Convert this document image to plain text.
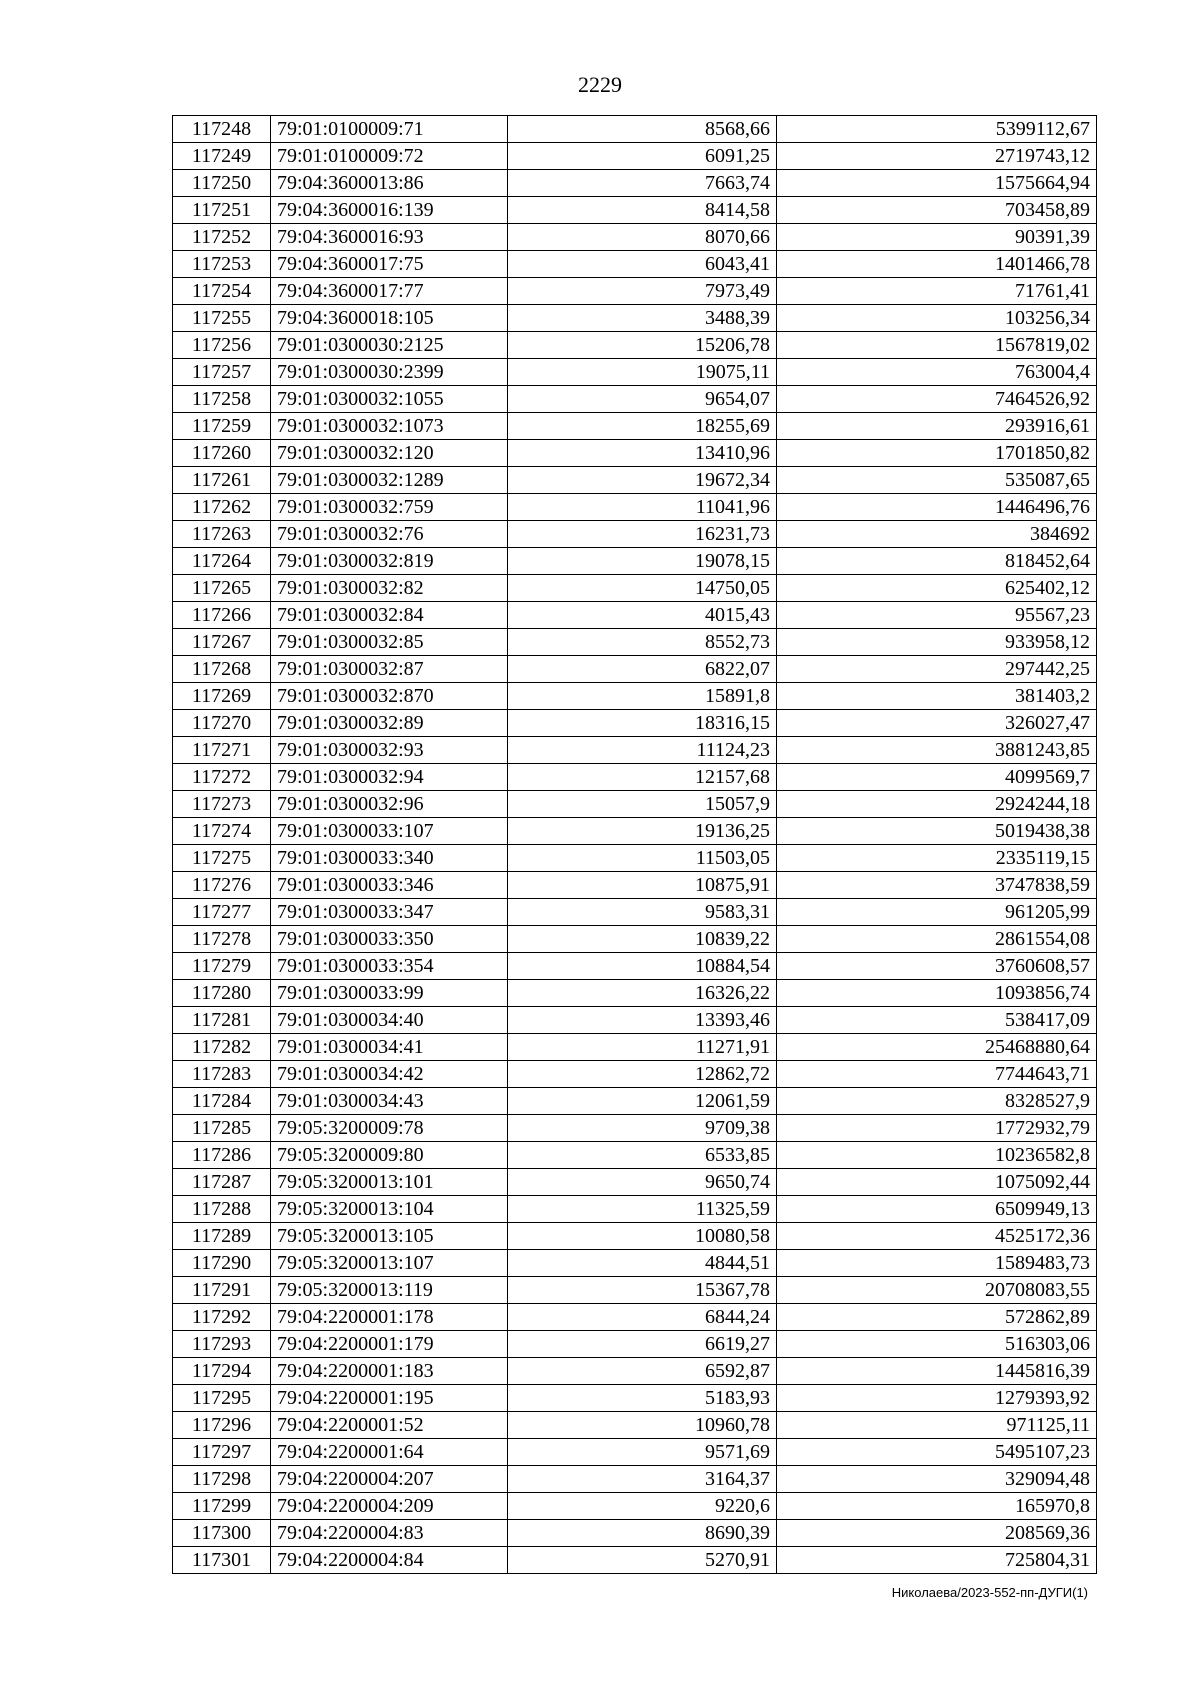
2229
117248	79:01:0100009:71	8568,66	5399112,67
117249	79:01:0100009:72	6091,25	2719743,12
117250	79:04:3600013:86	7663,74	1575664,94
117251	79:04:3600016:139	8414,58	703458,89
117252	79:04:3600016:93	8070,66	90391,39
117253	79:04:3600017:75	6043,41	1401466,78
117254	79:04:3600017:77	7973,49	71761,41
117255	79:04:3600018:105	3488,39	103256,34
117256	79:01:0300030:2125	15206,78	1567819,02
117257	79:01:0300030:2399	19075,11	763004,4
117258	79:01:0300032:1055	9654,07	7464526,92
117259	79:01:0300032:1073	18255,69	293916,61
117260	79:01:0300032:120	13410,96	1701850,82
117261	79:01:0300032:1289	19672,34	535087,65
117262	79:01:0300032:759	11041,96	1446496,76
117263	79:01:0300032:76	16231,73	384692
117264	79:01:0300032:819	19078,15	818452,64
117265	79:01:0300032:82	14750,05	625402,12
117266	79:01:0300032:84	4015,43	95567,23
117267	79:01:0300032:85	8552,73	933958,12
117268	79:01:0300032:87	6822,07	297442,25
117269	79:01:0300032:870	15891,8	381403,2
117270	79:01:0300032:89	18316,15	326027,47
117271	79:01:0300032:93	11124,23	3881243,85
117272	79:01:0300032:94	12157,68	4099569,7
117273	79:01:0300032:96	15057,9	2924244,18
117274	79:01:0300033:107	19136,25	5019438,38
117275	79:01:0300033:340	11503,05	2335119,15
117276	79:01:0300033:346	10875,91	3747838,59
117277	79:01:0300033:347	9583,31	961205,99
117278	79:01:0300033:350	10839,22	2861554,08
117279	79:01:0300033:354	10884,54	3760608,57
117280	79:01:0300033:99	16326,22	1093856,74
117281	79:01:0300034:40	13393,46	538417,09
117282	79:01:0300034:41	11271,91	25468880,64
117283	79:01:0300034:42	12862,72	7744643,71
117284	79:01:0300034:43	12061,59	8328527,9
117285	79:05:3200009:78	9709,38	1772932,79
117286	79:05:3200009:80	6533,85	10236582,8
117287	79:05:3200013:101	9650,74	1075092,44
117288	79:05:3200013:104	11325,59	6509949,13
117289	79:05:3200013:105	10080,58	4525172,36
117290	79:05:3200013:107	4844,51	1589483,73
117291	79:05:3200013:119	15367,78	20708083,55
117292	79:04:2200001:178	6844,24	572862,89
117293	79:04:2200001:179	6619,27	516303,06
117294	79:04:2200001:183	6592,87	1445816,39
117295	79:04:2200001:195	5183,93	1279393,92
117296	79:04:2200001:52	10960,78	971125,11
117297	79:04:2200001:64	9571,69	5495107,23
117298	79:04:2200004:207	3164,37	329094,48
117299	79:04:2200004:209	9220,6	165970,8
117300	79:04:2200004:83	8690,39	208569,36
117301	79:04:2200004:84	5270,91	725804,31
Николаева/2023-552-пп-ДУГИ(1)
